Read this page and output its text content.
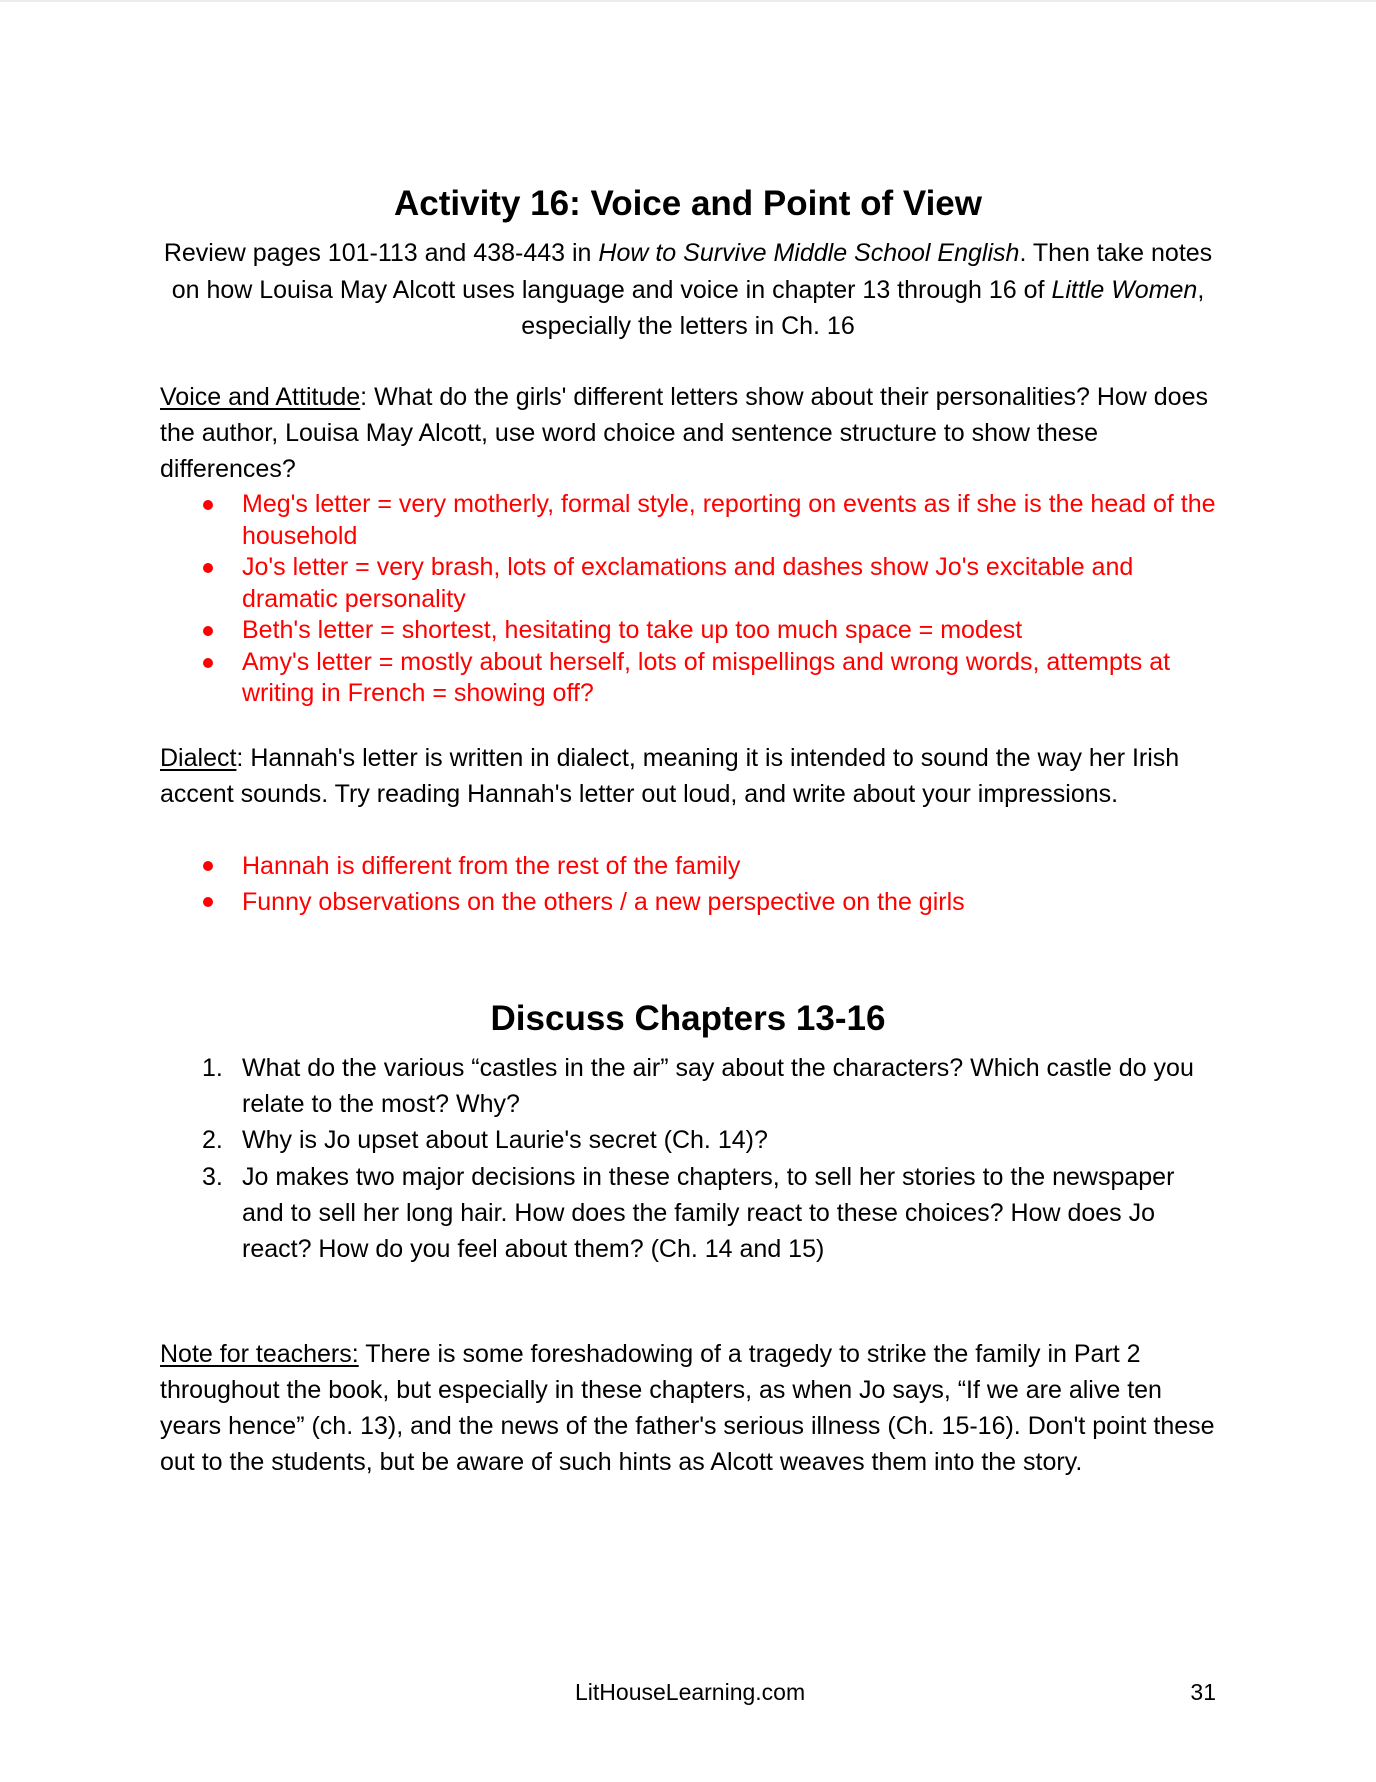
Activity 16: Voice and Point of View
Review pages 101-113 and 438-443 in How to Survive Middle School English. Then take notes on how Louisa May Alcott uses language and voice in chapter 13 through 16 of Little Women, especially the letters in Ch. 16
Voice and Attitude: What do the girls' different letters show about their personalities? How does the author, Louisa May Alcott, use word choice and sentence structure to show these differences?
Meg's letter = very motherly, formal style, reporting on events as if she is the head of the household
Jo's letter = very brash, lots of exclamations and dashes show Jo's excitable and dramatic personality
Beth's letter = shortest, hesitating to take up too much space = modest
Amy's letter = mostly about herself, lots of mispellings and wrong words, attempts at writing in French = showing off?
Dialect: Hannah's letter is written in dialect, meaning it is intended to sound the way her Irish accent sounds. Try reading Hannah's letter out loud, and write about your impressions.
Hannah is different from the rest of the family
Funny observations on the others / a new perspective on the girls
Discuss Chapters 13-16
1. What do the various “castles in the air” say about the characters? Which castle do you relate to the most? Why?
2. Why is Jo upset about Laurie's secret (Ch. 14)?
3. Jo makes two major decisions in these chapters, to sell her stories to the newspaper and to sell her long hair. How does the family react to these choices? How does Jo react? How do you feel about them? (Ch. 14 and 15)
Note for teachers: There is some foreshadowing of a tragedy to strike the family in Part 2 throughout the book, but especially in these chapters, as when Jo says, “If we are alive ten years hence” (ch. 13), and the news of the father's serious illness (Ch. 15-16). Don't point these out to the students, but be aware of such hints as Alcott weaves them into the story.
LitHouseLearning.com	31
